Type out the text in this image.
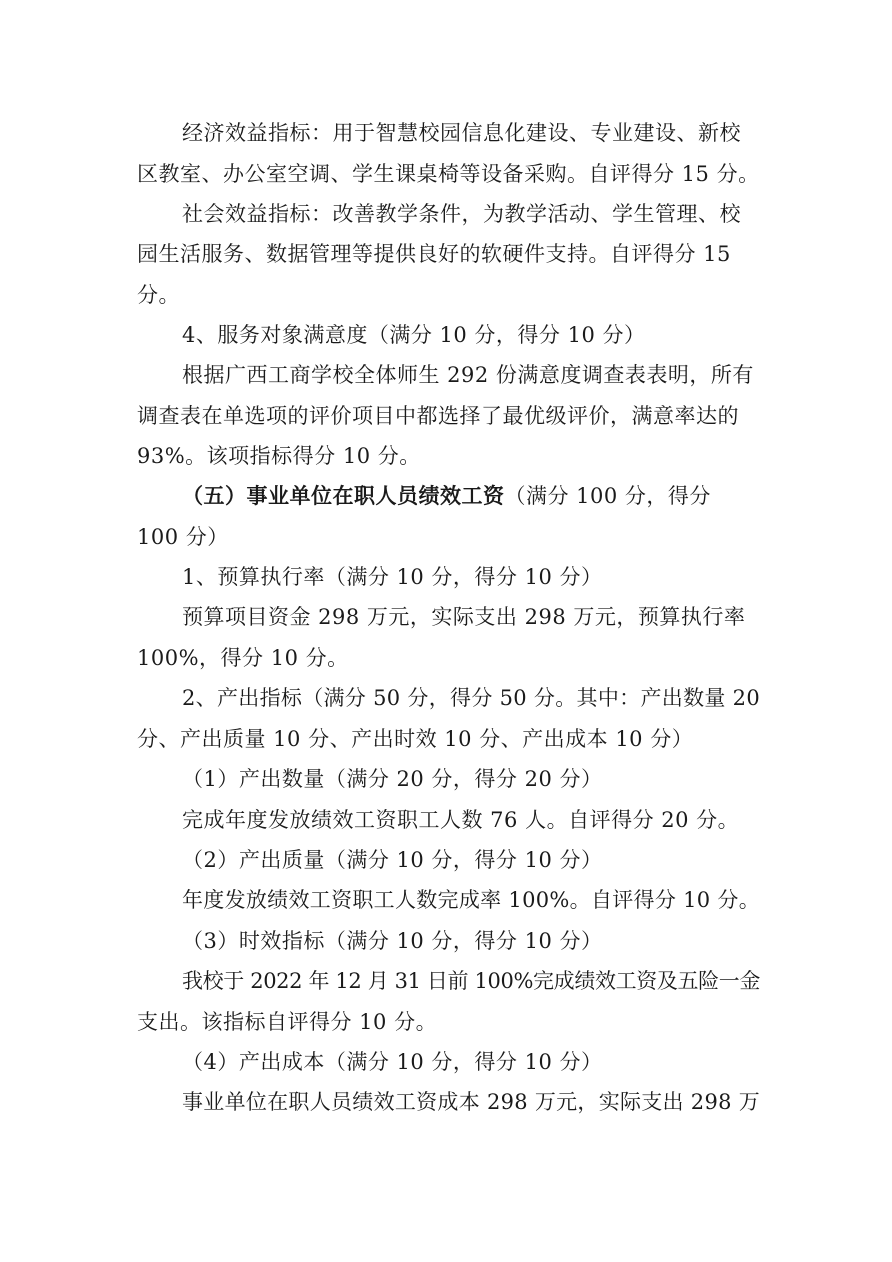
经济效益指标：用于智慧校园信息化建设、专业建设、新校
区教室、办公室空调、学生课桌椅等设备采购。自评得分 15 分。
社会效益指标：改善教学条件，为教学活动、学生管理、校
园生活服务、数据管理等提供良好的软硬件支持。自评得分 15
分。
4、服务对象满意度（满分 10 分，得分 10 分）
根据广西工商学校全体师生 292 份满意度调查表表明，所有
调查表在单选项的评价项目中都选择了最优级评价，满意率达的
93%。该项指标得分 10 分。
（五）事业单位在职人员绩效工资（满分 100 分，得分
100 分）
1、预算执行率（满分 10 分，得分 10 分）
预算项目资金 298 万元，实际支出 298 万元，预算执行率
100%，得分 10 分。
2、产出指标（满分 50 分，得分 50 分。其中：产出数量 20
分、产出质量 10 分、产出时效 10 分、产出成本 10 分）
（1）产出数量（满分 20 分，得分 20 分）
完成年度发放绩效工资职工人数 76 人。自评得分 20 分。
（2）产出质量（满分 10 分，得分 10 分）
年度发放绩效工资职工人数完成率 100%。自评得分 10 分。
（3）时效指标（满分 10 分，得分 10 分）
我校于 2022 年 12 月 31 日前 100%完成绩效工资及五险一金
支出。该指标自评得分 10 分。
（4）产出成本（满分 10 分，得分 10 分）
事业单位在职人员绩效工资成本 298 万元，实际支出 298 万
